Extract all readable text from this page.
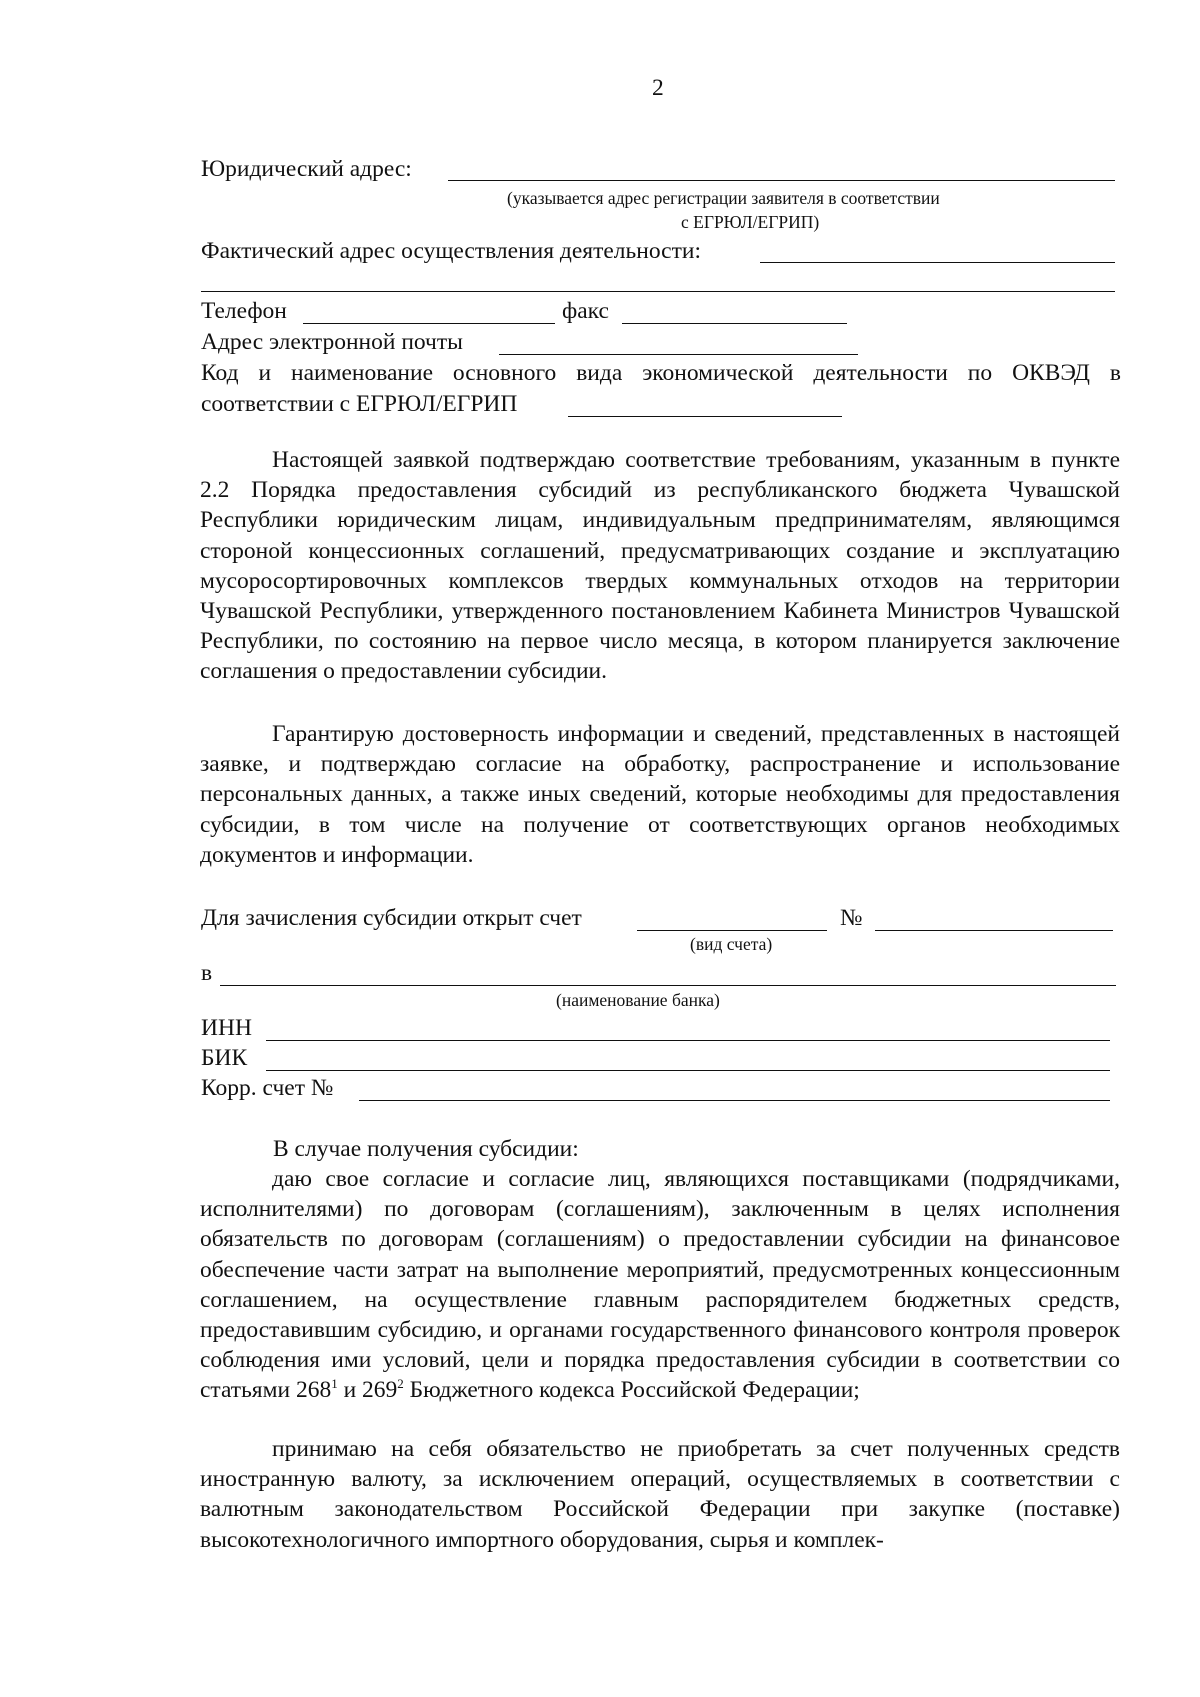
2
Юридический адрес:
(указывается адрес регистрации заявителя в соответствии
с ЕГРЮЛ/ЕГРИП)
Фактический адрес осуществления деятельности:
Телефон	факс
Адрес электронной почты
Код и наименование основного вида экономической деятельности по ОКВЭД в
соответствии с ЕГРЮЛ/ЕГРИП
Настоящей заявкой подтверждаю соответствие требованиям, указанным в пункте 2.2 Порядка предоставления субсидий из республиканского бюджета Чувашской Республики юридическим лицам, индивидуальным предпринимателям, являющимся стороной концессионных соглашений, предусматривающих создание и эксплуатацию мусоросортировочных комплексов твердых коммунальных отходов на территории Чувашской Республики, утвержденного постановлением Кабинета Министров Чувашской Республики, по состоянию на первое число месяца, в котором планируется заключение соглашения о предоставлении субсидии.
Гарантирую достоверность информации и сведений, представленных в настоящей заявке, и подтверждаю согласие на обработку, распространение и использование персональных данных, а также иных сведений, которые необходимы для предоставления субсидии, в том числе на получение от соответствующих органов необходимых документов и информации.
Для зачисления субсидии открыт счет	№
(вид счета)
в
(наименование банка)
ИНН
БИК
Корр. счет №
В случае получения субсидии:
даю свое согласие и согласие лиц, являющихся поставщиками (подрядчиками, исполнителями) по договорам (соглашениям), заключенным в целях исполнения обязательств по договорам (соглашениям) о предоставлении субсидии на финансовое обеспечение части затрат на выполнение мероприятий, предусмотренных концессионным соглашением, на осуществление главным распорядителем бюджетных средств, предоставившим субсидию, и органами государственного финансового контроля проверок соблюдения ими условий, цели и порядка предоставления субсидии в соответствии со статьями $268^1$ и $269^2$ Бюджетного кодекса Российской Федерации;
принимаю на себя обязательство не приобретать за счет полученных средств иностранную валюту, за исключением операций, осуществляемых в соответствии с валютным законодательством Российской Федерации при закупке (поставке) высокотехнологичного импортного оборудования, сырья и комплек-
